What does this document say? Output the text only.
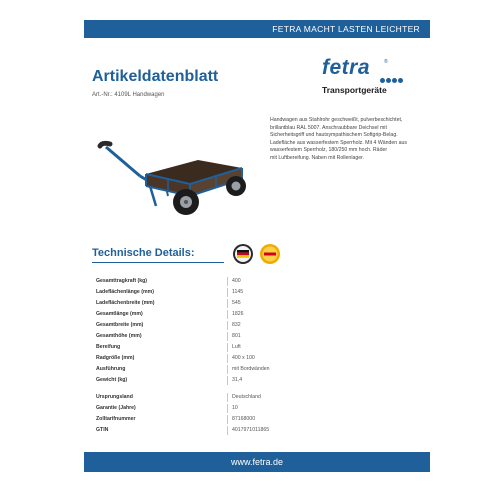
FETRA MACHT LASTEN LEICHTER
Artikeldatenblatt
Art.-Nr.: 4109L Handwagen
fetra	®
Transportgeräte
Handwagen aus Stahlrohr geschweißt, pulverbeschichtet,
brillantblau RAL 5007. Anschraubbare Deichsel mit
Sicherheitsgriff und hautsympathischem Softgrip-Belag.
Ladefläche aus wasserfestem Sperrholz. Mit 4 Wänden aus
wasserfestem Sperrholz, 180/250 mm hoch. Räder
mit Luftbereifung. Naben mit Rollenlager.
Technische Details:
Gesamttragkraft (kg)	400
Ladeflächenlänge (mm)	1145
Ladeflächenbreite (mm)	545
Gesamtlänge (mm)	1826
Gesamtbreite (mm)	832
Gesamthöhe (mm)	801
Bereifung	Luft
Radgröße (mm)	400 x 100
Ausführung	mit Bordwänden
Gewicht (kg)	31,4
Ursprungsland	Deutschland
Garantie (Jahre)	10
Zolltarifnummer	87168000
GTIN	4017971011865
www.fetra.de
